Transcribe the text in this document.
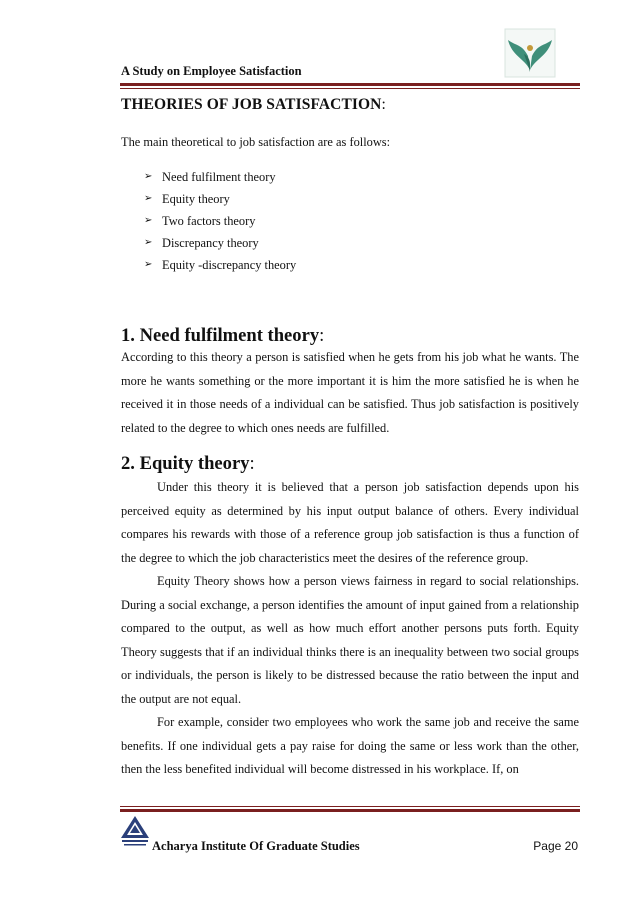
A Study on Employee Satisfaction
THEORIES OF JOB SATISFACTION:

The main theoretical to job satisfaction are as follows:

➢ Need fulfilment theory
➢ Equity theory
➢ Two factors theory
➢ Discrepancy theory
➢ Equity -discrepancy theory
1. Need fulfilment theory:

According to this theory a person is satisfied when he gets from his job what he wants. The more he wants something or the more important it is him the more satisfied he is when he received it in those needs of a individual can be satisfied. Thus job satisfaction is positively related to the degree to which ones needs are fulfilled.

2. Equity theory:

Under this theory it is believed that a person job satisfaction depends upon his perceived equity as determined by his input output balance of others. Every individual compares his rewards with those of a reference group job satisfaction is thus a function of the degree to which the job characteristics meet the desires of the reference group.

Equity Theory shows how a person views fairness in regard to social relationships. During a social exchange, a person identifies the amount of input gained from a relationship compared to the output, as well as how much effort another persons puts forth. Equity Theory suggests that if an individual thinks there is an inequality between two social groups or individuals, the person is likely to be distressed because the ratio between the input and the output are not equal.

For example, consider two employees who work the same job and receive the same benefits. If one individual gets a pay raise for doing the same or less work than the other, then the less benefited individual will become distressed in his workplace. If, on

Acharya Institute Of Graduate Studies	Page 20
